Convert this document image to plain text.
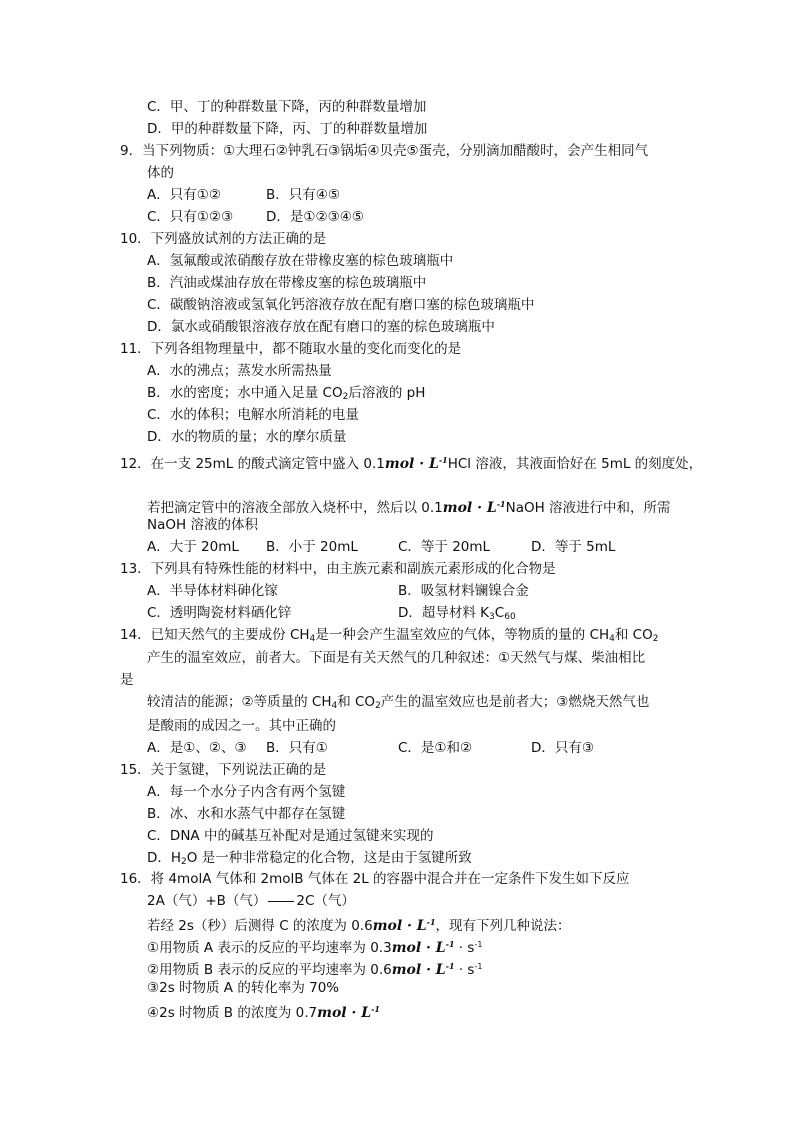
C．甲、丁的种群数量下降，丙的种群数量增加
D．甲的种群数量下降，丙、丁的种群数量增加
9．当下列物质：①大理石②钟乳石③锅垢④贝壳⑤蛋壳，分别滴加醋酸时，会产生相同气
体的
A．只有①②	B．只有④⑤
C．只有①②③ D．是①②③④⑤
10．下列盛放试剂的方法正确的是
A．氢氟酸或浓硝酸存放在带橡皮塞的棕色玻璃瓶中
B．汽油或煤油存放在带橡皮塞的棕色玻璃瓶中
C．碳酸钠溶液或氢氧化钙溶液存放在配有磨口塞的棕色玻璃瓶中
D．氯水或硝酸银溶液存放在配有磨口的塞的棕色玻璃瓶中
11．下列各组物理量中，都不随取水量的变化而变化的是
A．水的沸点；蒸发水所需热量
B．水的密度；水中通入足量 $CO_2$后溶液的 pH
C．水的体积；电解水所消耗的电量
D．水的物质的量；水的摩尔质量
12．在一支 25mL 的酸式滴定管中盛入 $0.1mol \cdot L^{-1}HCl$ 溶液，其液面恰好在 5mL 的刻度处，
若把滴定管中的溶液全部放入烧杯中，然后以 $0.1mol \cdot L^{-1}NaOH$ 溶液进行中和，所需
NaOH 溶液的体积
A．大于 20mL B．小于 20mL	C．等于 20mL	D．等于 5mL
13．下列具有特殊性能的材料中，由主族元素和副族元素形成的化合物是
A．半导体材料砷化镓	B．吸氢材料镧镍合金
C．透明陶瓷材料硒化锌	D．超导材料 $K_3C_{60}$
14．已知天然气的主要成份 $CH_4$是一种会产生温室效应的气体，等物质的量的 $CH_4$和 $CO_2$
产生的温室效应，前者大。下面是有关天然气的几种叙述：①天然气与煤、柴油相比
是
较清洁的能源；②等质量的 $CH_4$和 $CO_2$产生的温室效应也是前者大；③燃烧天然气也
是酸雨的成因之一。其中正确的
A．是①、②、③ B．只有①	C．是①和②	D．只有③
15．关于氢键，下列说法正确的是
A．每一个水分子内含有两个氢键
B．冰、水和水蒸气中都存在氢键
C．DNA 中的碱基互补配对是通过氢键来实现的
D．$H_2O$ 是一种非常稳定的化合物，这是由于氢键所致
16．将 4molA 气体和 2molB 气体在 2L 的容器中混合并在一定条件下发生如下反应
2A（气）+B（气） 2C（气）
若经 2s（秒）后测得 C 的浓度为 $0.6mol \cdot L^{-1}$，现有下列几种说法：
①用物质 A 表示的反应的平均速率为 $0.3mol \cdot L^{-1} \cdot s^{-1}$
②用物质 B 表示的反应的平均速率为 $0.6mol \cdot L^{-1} \cdot s^{-1}$
③2s 时物质 A 的转化率为 70%
④2s 时物质 B 的浓度为 $0.7mol \cdot L^{-1}$
